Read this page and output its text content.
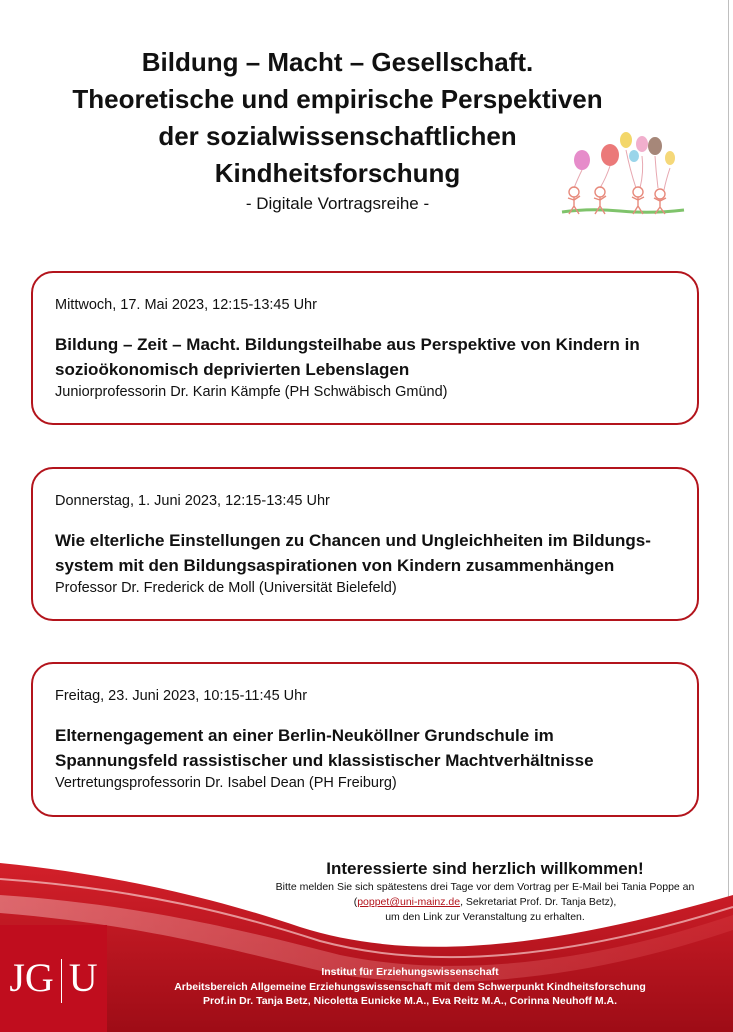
Bildung – Macht – Gesellschaft.
Theoretische und empirische Perspektiven
der sozialwissenschaftlichen
Kindheitsforschung
- Digitale Vortragsreihe -
Mittwoch, 17. Mai 2023, 12:15-13:45 Uhr
Bildung – Zeit – Macht. Bildungsteilhabe aus Perspektive von Kindern in
sozioökonomisch deprivierten Lebenslagen
Juniorprofessorin Dr. Karin Kämpfe (PH Schwäbisch Gmünd)
Donnerstag, 1. Juni 2023, 12:15-13:45 Uhr
Wie elterliche Einstellungen zu Chancen und Ungleichheiten im Bildungs-
system mit den Bildungsaspirationen von Kindern zusammenhängen
Professor Dr. Frederick de Moll (Universität Bielefeld)
Freitag, 23. Juni 2023, 10:15-11:45 Uhr
Elternengagement an einer Berlin-Neuköllner Grundschule im
Spannungsfeld rassistischer und klassistischer Machtverhältnisse
Vertretungsprofessorin Dr. Isabel Dean (PH Freiburg)
Interessierte sind herzlich willkommen!
Bitte melden Sie sich spätestens drei Tage vor dem Vortrag per E-Mail bei Tania Poppe an
(poppet@uni-mainz.de, Sekretariat Prof. Dr. Tanja Betz),
um den Link zur Veranstaltung zu erhalten.
JG U	Institut für Erziehungswissenschaft
Arbeitsbereich Allgemeine Erziehungswissenschaft mit dem Schwerpunkt Kindheitsforschung
Prof.in Dr. Tanja Betz, Nicoletta Eunicke M.A., Eva Reitz M.A., Corinna Neuhoff M.A.
